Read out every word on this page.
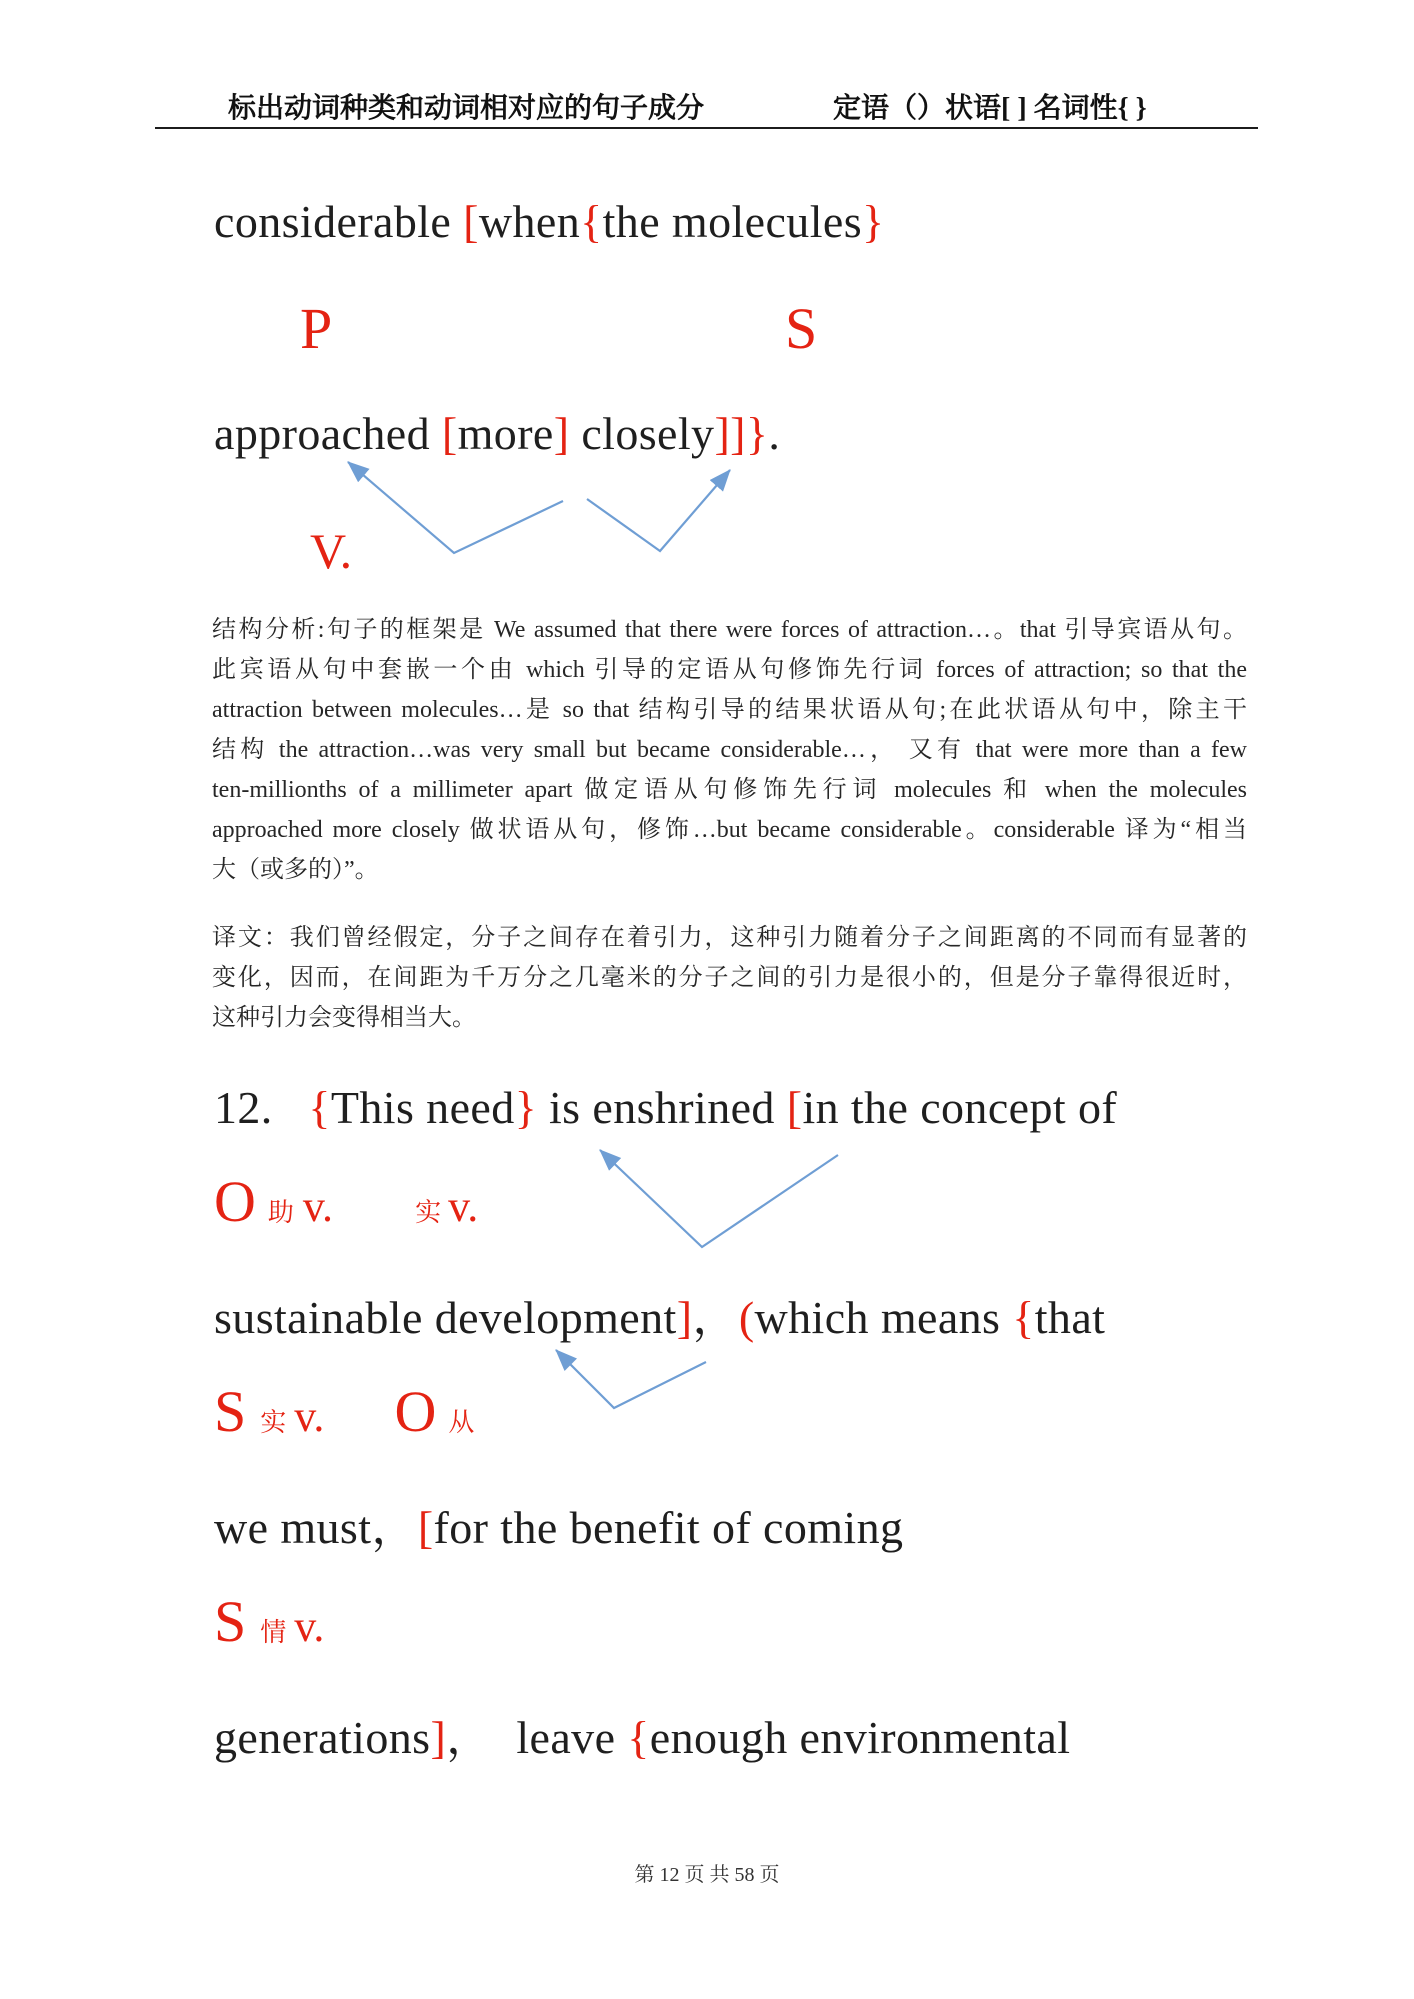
标出动词种类和动词相对应的句子成分	定语（）状语[ ] 名词性{ }
considerable [when{the molecules}
P	S
approached [more] closely]]}.
V.
结构分析:句子的框架是 We assumed that there were forces of attraction…。that 引导宾语从句。
此宾语从句中套嵌一个由 which 引导的定语从句修饰先行词 forces of attraction; so that the
attraction between molecules…是 so that 结构引导的结果状语从句;在此状语从句中，除主干
结构 the attraction…was very small but became considerable…， 又有 that were more than a few
ten-millionths of a millimeter apart 做定语从句修饰先行词 molecules 和 when the molecules
approached more closely 做状语从句，修饰…but became considerable。considerable 译为“相当
大（或多的）”。
译文：我们曾经假定，分子之间存在着引力，这种引力随着分子之间距离的不同而有显著的
变化，因而，在间距为千万分之几毫米的分子之间的引力是很小的，但是分子靠得很近时，
这种引力会变得相当大。
12.   {This need} is enshrined [in the concept of
O 助 v.	实 v.
sustainable development]，(which means {that
S 实 v. O 从
we must，[for the benefit of coming
S 情 v.
generations]，  leave {enough environmental
第 12 页 共 58 页
